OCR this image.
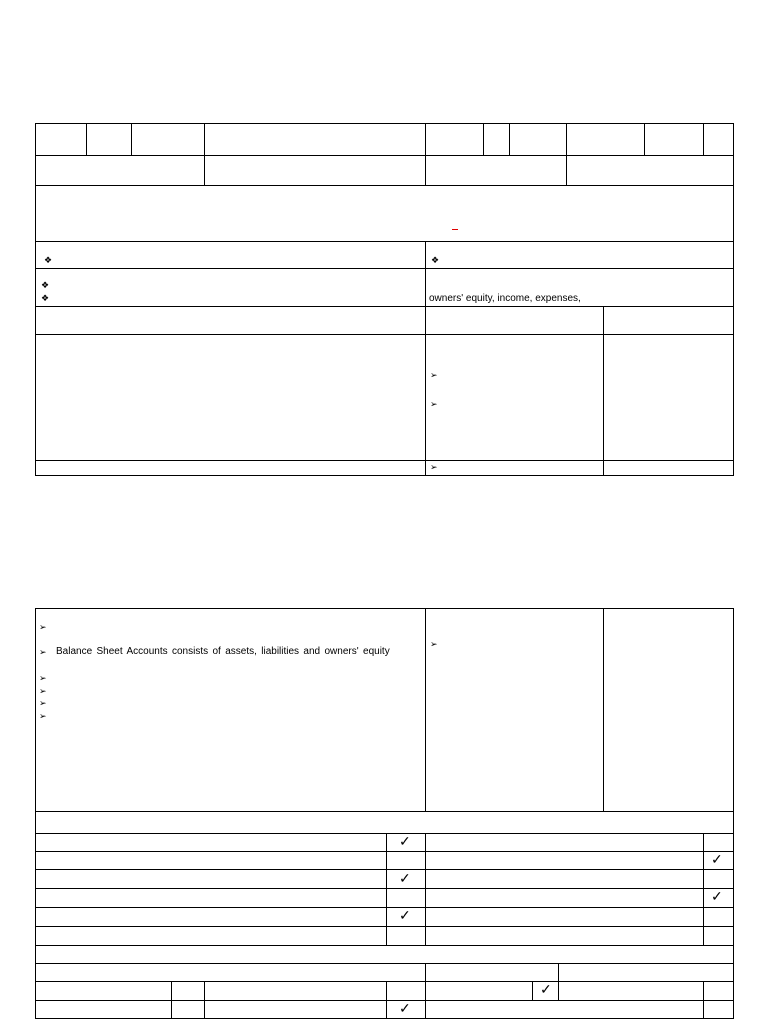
❖	❖
❖
❖	owners' equity, income, expenses,
➢
➢
➢
➢
➢ Balance Sheet Accounts consists of assets, liabilities and owners' equity
➢
➢
➢
➢
➢
✓
✓
✓
✓
✓
✓
✓
